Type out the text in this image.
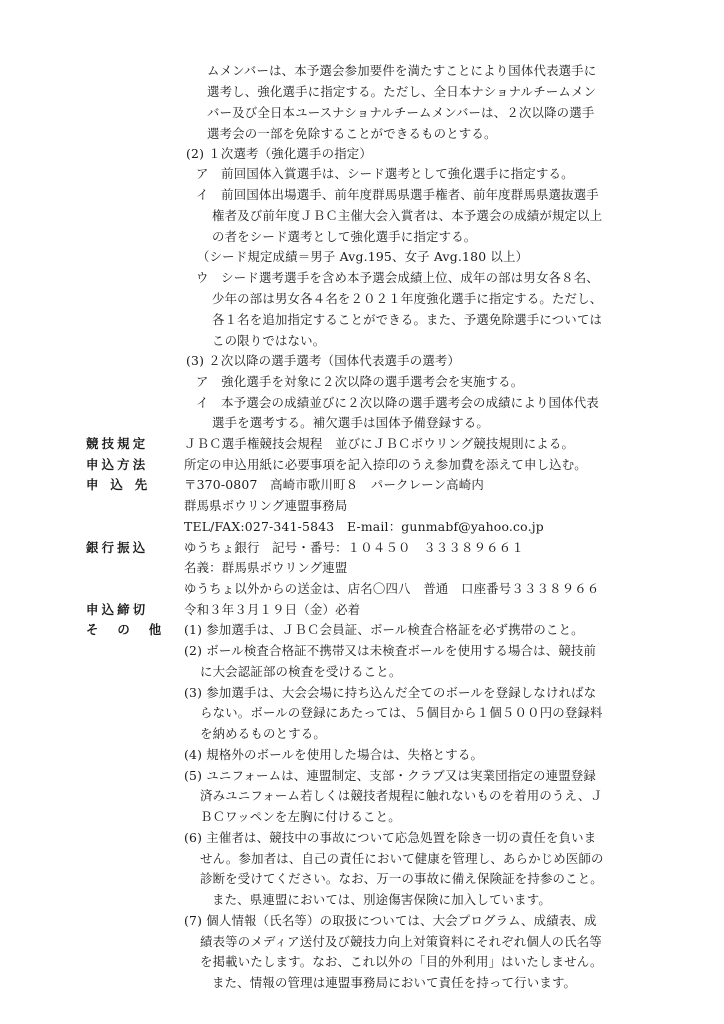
ムメンバーは、本予選会参加要件を満たすことにより国体代表選手に
選考し、強化選手に指定する。ただし、全日本ナショナルチームメン
バー及び全日本ユースナショナルチームメンバーは、２次以降の選手
選考会の一部を免除することができるものとする。
(2) １次選考（強化選手の指定）
ア　前回国体入賞選手は、シード選考として強化選手に指定する。
イ　前回国体出場選手、前年度群馬県選手権者、前年度群馬県選抜選手
権者及び前年度ＪＢＣ主催大会入賞者は、本予選会の成績が規定以上
の者をシード選考として強化選手に指定する。
（シード規定成績＝男子 Avg.195、女子 Avg.180 以上）
ウ　シード選考選手を含め本予選会成績上位、成年の部は男女各８名、
少年の部は男女各４名を２０２１年度強化選手に指定する。ただし、
各１名を追加指定することができる。また、予選免除選手については
この限りではない。
(3) ２次以降の選手選考（国体代表選手の選考）
ア　強化選手を対象に２次以降の選手選考会を実施する。
イ　本予選会の成績並びに２次以降の選手選考会の成績により国体代表
選手を選考する。補欠選手は国体予備登録する。
競技規定	ＪＢＣ選手権競技会規程　並びにＪＢＣボウリング競技規則による。
申込方法	所定の申込用紙に必要事項を記入捺印のうえ参加費を添えて申し込む。
申込先 〒370-0807　高崎市歌川町８　パークレーン高崎内
群馬県ボウリング連盟事務局
TEL/FAX:027-341-5843　E-mail：gunmabf@yahoo.co.jp
銀行振込	ゆうちょ銀行　記号・番号：１０４５０　３３３８９６６１
名義：群馬県ボウリング連盟
ゆうちょ以外からの送金は、店名〇四八　普通　口座番号３３３８９６６
申込締切	令和３年３月１９日（金）必着
その他 (1) 参加選手は、ＪＢＣ会員証、ボール検査合格証を必ず携帯のこと。
(2) ボール検査合格証不携帯又は未検査ボールを使用する場合は、競技前
に大会認証部の検査を受けること。
(3) 参加選手は、大会会場に持ち込んだ全てのボールを登録しなければな
らない。ボールの登録にあたっては、５個目から１個５００円の登録料
を納めるものとする。
(4) 規格外のボールを使用した場合は、失格とする。
(5) ユニフォームは、連盟制定、支部・クラブ又は実業団指定の連盟登録
済みユニフォーム若しくは競技者規程に触れないものを着用のうえ、Ｊ
ＢＣワッペンを左胸に付けること。
(6) 主催者は、競技中の事故について応急処置を除き一切の責任を負いま
せん。参加者は、自己の責任において健康を管理し、あらかじめ医師の
診断を受けてください。なお、万一の事故に備え保険証を持参のこと。
また、県連盟においては、別途傷害保険に加入しています。
(7) 個人情報（氏名等）の取扱については、大会プログラム、成績表、成
績表等のメディア送付及び競技力向上対策資料にそれぞれ個人の氏名等
を掲載いたします。なお、これ以外の「目的外利用」はいたしません。
また、情報の管理は連盟事務局において責任を持って行います。
